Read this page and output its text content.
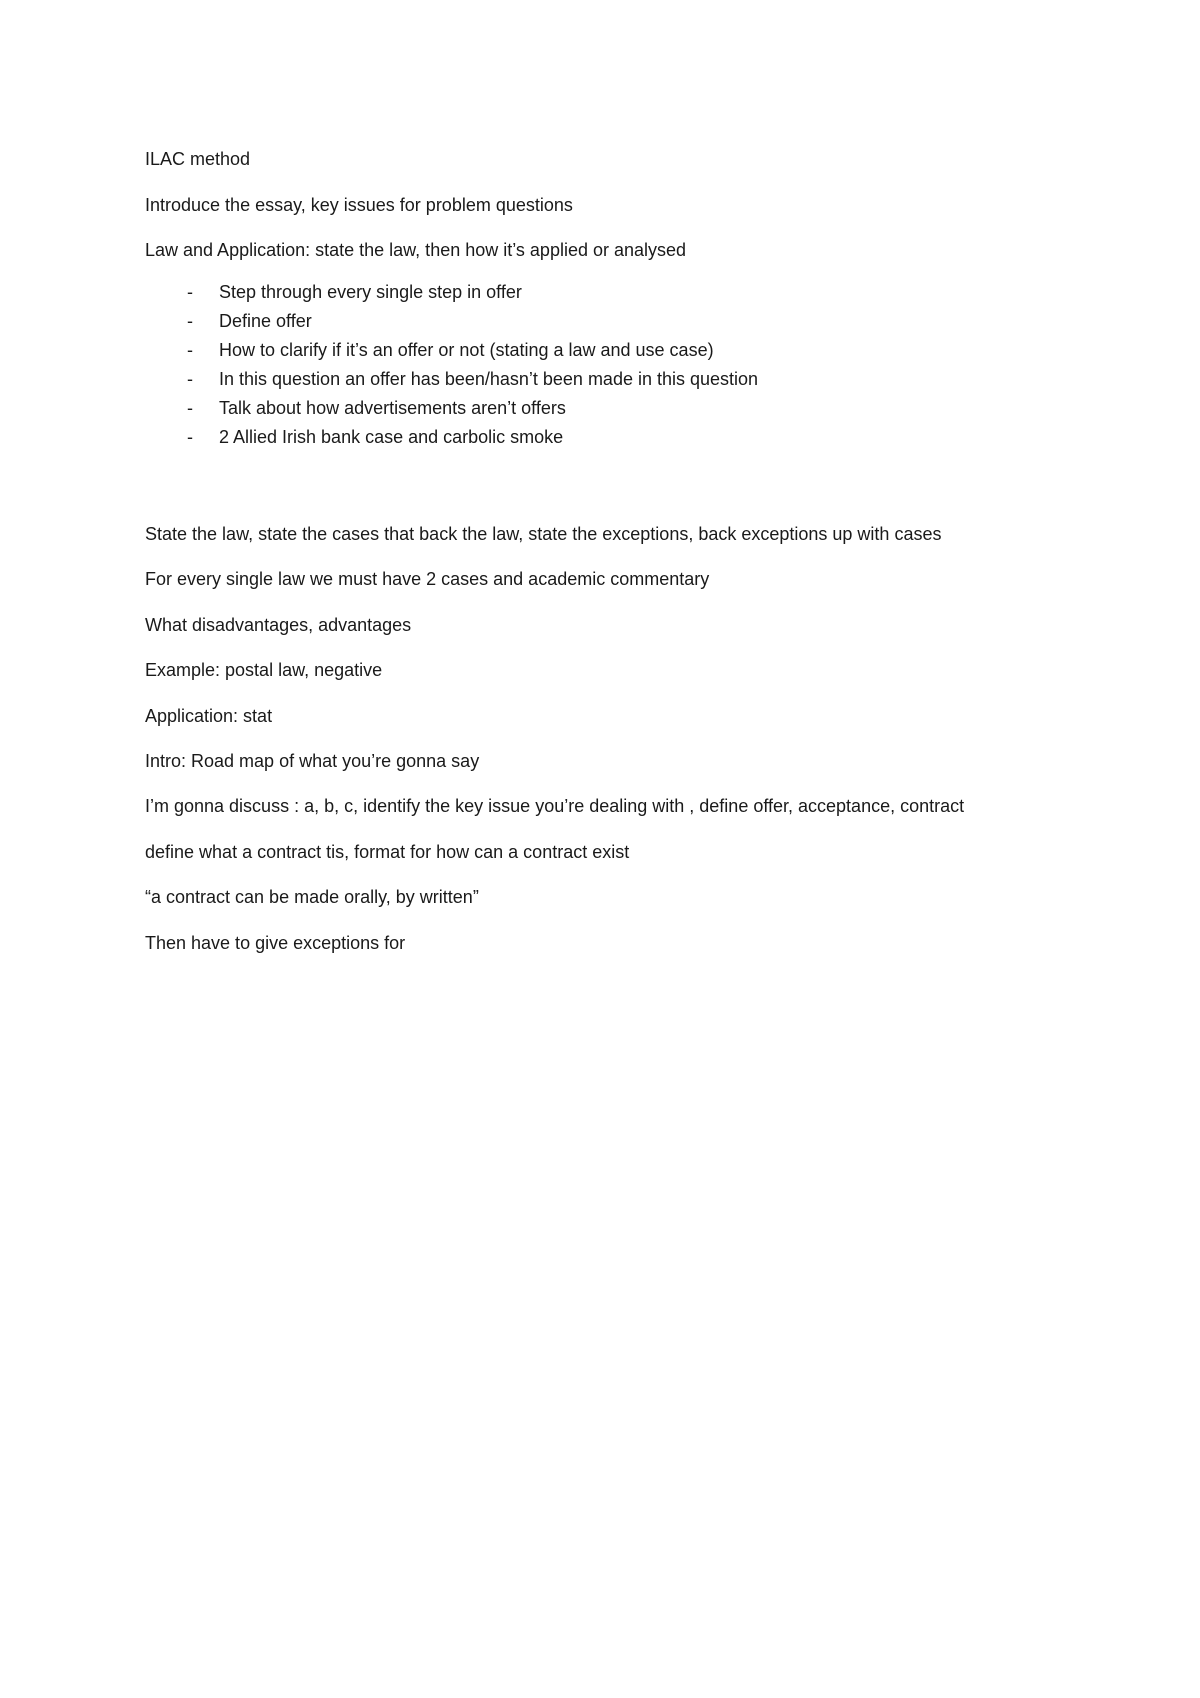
ILAC method

Introduce the essay, key issues for problem questions

Law and Application: state the law, then how it’s applied or analysed

- Step through every single step in offer
- Define offer
- How to clarify if it’s an offer or not (stating a law and use case)
- In this question an offer has been/hasn’t been made in this question
- Talk about how advertisements aren’t offers
- 2 Allied Irish bank case and carbolic smoke

State the law, state the cases that back the law, state the exceptions, back exceptions up with cases

For every single law we must have 2 cases and academic commentary

What disadvantages, advantages

Example: postal law, negative

Application: stat

Intro: Road map of what you’re gonna say

I’m gonna discuss : a, b, c, identify the key issue you’re dealing with , define offer, acceptance, contract

define what a contract tis, format for how can a contract exist

“a contract can be made orally, by written”

Then have to give exceptions for
